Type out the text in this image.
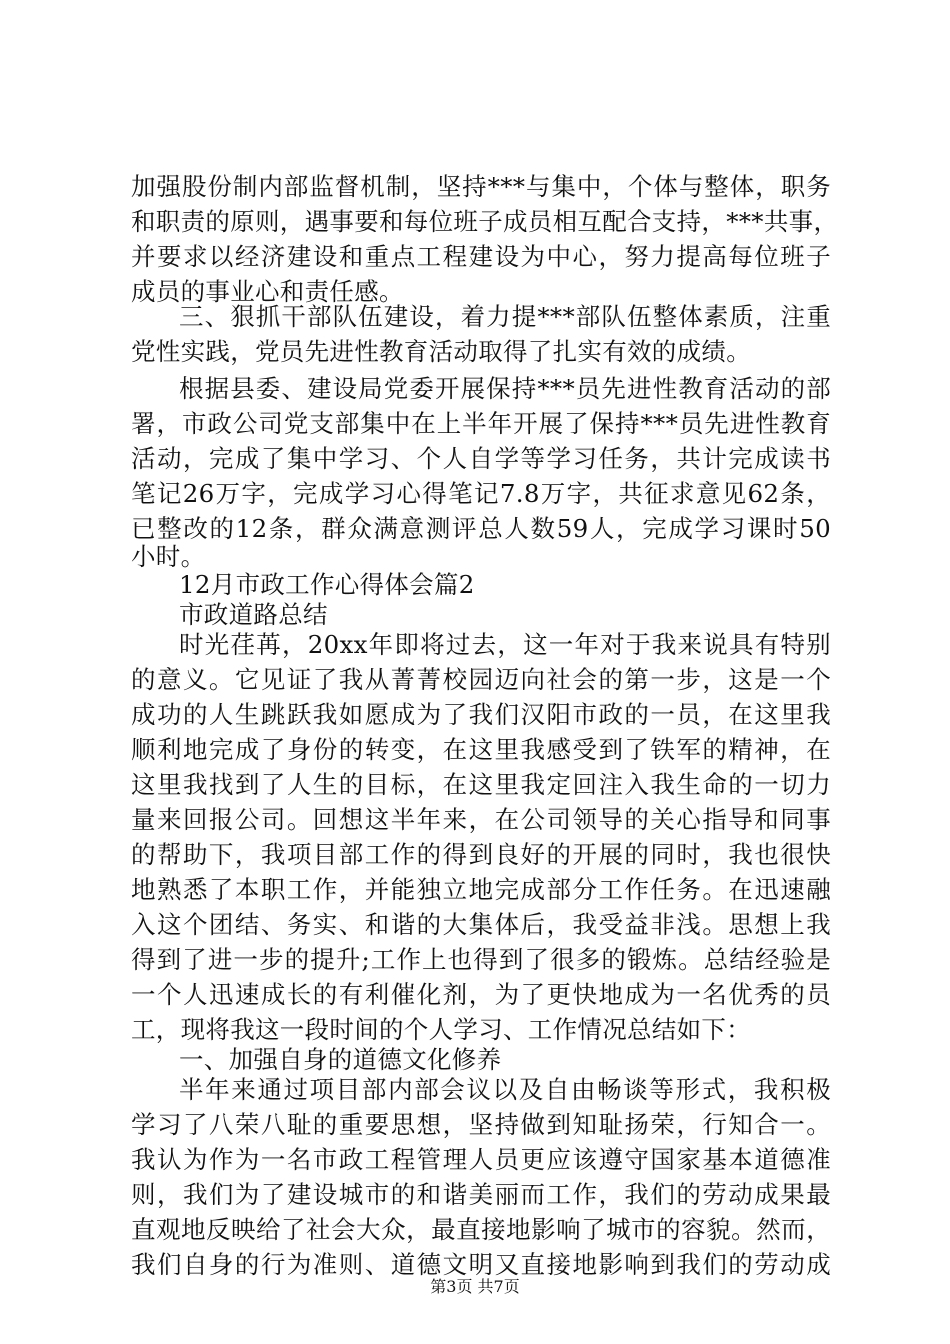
加强股份制内部监督机制，坚持***与集中，个体与整体，职务
和职责的原则，遇事要和每位班子成员相互配合支持，***共事，
并要求以经济建设和重点工程建设为中心，努力提高每位班子
成员的事业心和责任感。
三、狠抓干部队伍建设，着力提***部队伍整体素质，注重
党性实践，党员先进性教育活动取得了扎实有效的成绩。
根据县委、建设局党委开展保持***员先进性教育活动的部
署，市政公司党支部集中在上半年开展了保持***员先进性教育
活动，完成了集中学习、个人自学等学习任务，共计完成读书
笔记26万字，完成学习心得笔记7.8万字，共征求意见62条，
已整改的12条，群众满意测评总人数59人，完成学习课时50
小时。
12月市政工作心得体会篇2
市政道路总结
时光荏苒，20xx年即将过去，这一年对于我来说具有特别
的意义。它见证了我从菁菁校园迈向社会的第一步，这是一个
成功的人生跳跃我如愿成为了我们汉阳市政的一员，在这里我
顺利地完成了身份的转变，在这里我感受到了铁军的精神，在
这里我找到了人生的目标，在这里我定回注入我生命的一切力
量来回报公司。回想这半年来，在公司领导的关心指导和同事
的帮助下，我项目部工作的得到良好的开展的同时，我也很快
地熟悉了本职工作，并能独立地完成部分工作任务。在迅速融
入这个团结、务实、和谐的大集体后，我受益非浅。思想上我
得到了进一步的提升;工作上也得到了很多的锻炼。总结经验是
一个人迅速成长的有利催化剂，为了更快地成为一名优秀的员
工，现将我这一段时间的个人学习、工作情况总结如下：
一、加强自身的道德文化修养
半年来通过项目部内部会议以及自由畅谈等形式，我积极
学习了八荣八耻的重要思想，坚持做到知耻扬荣，行知合一。
我认为作为一名市政工程管理人员更应该遵守国家基本道德准
则，我们为了建设城市的和谐美丽而工作，我们的劳动成果最
直观地反映给了社会大众，最直接地影响了城市的容貌。然而，
我们自身的行为准则、道德文明又直接地影响到我们的劳动成
第3页 共7页
